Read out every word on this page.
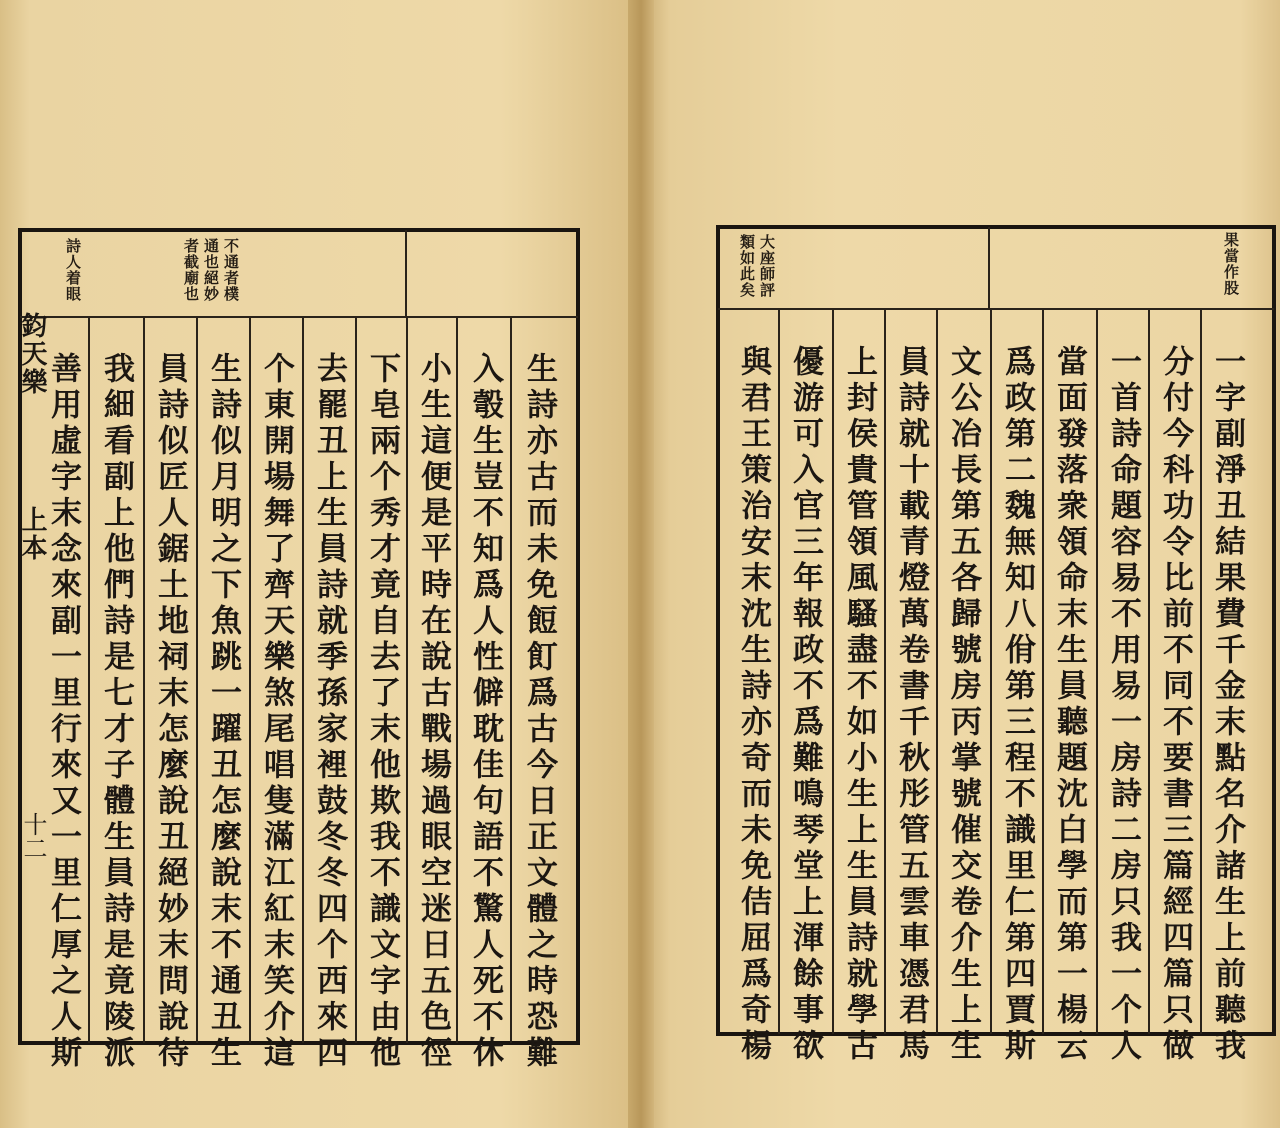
不通者樸
通也絕妙
者截廟也
詩人着眼
鈞天樂
上本
十二	生詩亦古而未免餖飣爲古今日正文體之時恐難
入彀生豈不知爲人性僻耽佳句語不驚人死不休
小生這便是平時在說古戰場過眼空迷日五色徑
下皂兩个秀才竟自去了末他欺我不識文字由他
去罷丑上生員詩就季孫家裡鼓冬冬四个西來四
个東開場舞了齊天樂煞尾唱隻滿江紅末笑介這
生詩似月明之下魚跳一躍丑怎麼說末不通丑生
員詩似匠人鋸土地祠末怎麼說丑絕妙末問說待
我細看副上他們詩是七才子體生員詩是竟陵派
善用虛字末念來副一里行來又一里仁厚之人斯
大座師評
類如此矣	果當作股
一字副淨丑結果費千金末點名介諸生上前聽我
分付今科功令比前不同不要書三篇經四篇只做
一首詩命題容易不用易一房詩二房只我一个人
當面發落衆領命末生員聽題沈白學而第一楊云
爲政第二魏無知八佾第三程不識里仁第四賈斯
文公冶長第五各歸號房丙掌號催交卷介生上生
員詩就十載青燈萬卷書千秋彤管五雲車憑君馬
上封侯貴管領風騷盡不如小生上生員詩就學古
優游可入官三年報政不爲難鳴琴堂上渾餘事欲
與君王策治安末沈生詩亦奇而未免佶屈爲奇楊
